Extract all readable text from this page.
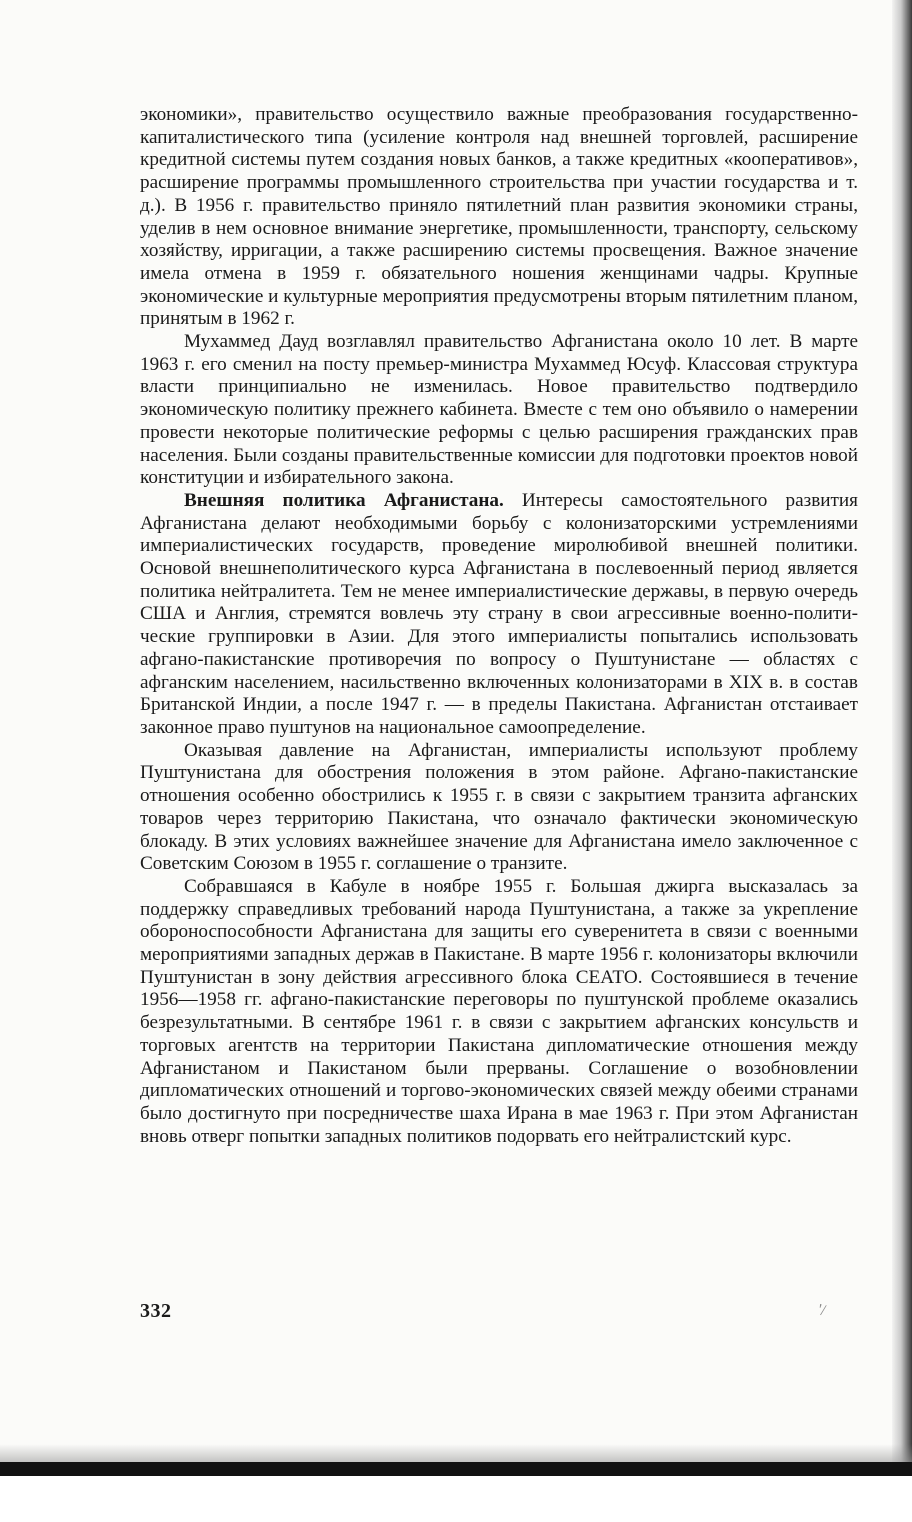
экономики», правительство осуществило важные преобразования государственно-капиталистического типа (усиление контроля над внешней торговлей, расширение кредитной системы путем создания новых банков, а также кредитных «кооперативов», расширение программы промышленного строительства при участии государства и т. д.). В 1956 г. правительство приняло пятилетний план развития экономики страны, уделив в нем основное внимание энергетике, промышленности, транспорту, сельскому хозяйству, ирригации, а также расширению системы просвещения. Важное значение имела отмена в 1959 г. обязательного ношения женщинами чадры. Крупные экономические и культурные мероприятия предусмотрены вторым пятилетним планом, принятым в 1962 г.

Мухаммед Дауд возглавлял правительство Афганистана около 10 лет. В марте 1963 г. его сменил на посту премьер-министра Мухаммед Юсуф. Классовая структура власти принципиально не изменилась. Новое правительство подтвердило экономическую политику прежнего кабинета. Вместе с тем оно объявило о намерении провести некоторые политические реформы с целью расширения гражданских прав населения. Были созданы правительственные комиссии для подготовки проектов новой конституции и избирательного закона.

Внешняя политика Афганистана. Интересы самостоятельного развития Афганистана делают необходимыми борьбу с колонизаторскими устремлениями империалистических государств, проведение миролюбивой внешней политики. Основой внешнеполитического курса Афганистана в послевоенный период является политика нейтралитета. Тем не менее империалистические державы, в первую очередь США и Англия, стремятся вовлечь эту страну в свои агрессивные военно-политические группировки в Азии. Для этого империалисты попытались использовать афгано-пакистанские противоречия по вопросу о Пуштунистане — областях с афганским населением, насильственно включенных колонизаторами в XIX в. в состав Британской Индии, а после 1947 г. — в пределы Пакистана. Афганистан отстаивает законное право пуштунов на национальное самоопределение.

Оказывая давление на Афганистан, империалисты используют проблему Пуштунистана для обострения положения в этом районе. Афгано-пакистанские отношения особенно обострились к 1955 г. в связи с закрытием транзита афганских товаров через территорию Пакистана, что означало фактически экономическую блокаду. В этих условиях важнейшее значение для Афганистана имело заключенное с Советским Союзом в 1955 г. соглашение о транзите.

Собравшаяся в Кабуле в ноябре 1955 г. Большая джирга высказалась за поддержку справедливых требований народа Пуштунистана, а также за укрепление обороноспособности Афганистана для защиты его суверенитета в связи с военными мероприятиями западных держав в Пакистане. В марте 1956 г. колонизаторы включили Пуштунистан в зону действия агрессивного блока СЕАТО. Состоявшиеся в течение 1956—1958 гг. афгано-пакистанские переговоры по пуштунской проблеме оказались безрезультатными. В сентябре 1961 г. в связи с закрытием афганских консульств и торговых агентств на территории Пакистана дипломатические отношения между Афганистаном и Пакистаном были прерваны. Соглашение о возобновлении дипломатических отношений и торгово-экономических связей между обеими странами было достигнуто при посредничестве шаха Ирана в мае 1963 г. При этом Афганистан вновь отверг попытки западных политиков подорвать его нейтралистский курс.

332	'/
